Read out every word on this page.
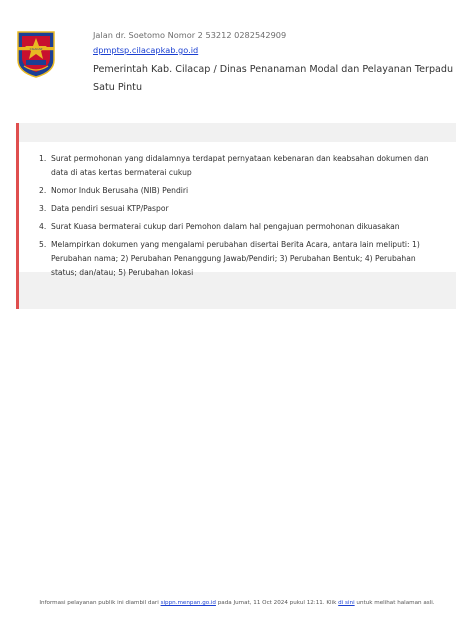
CILACAP
Jalan dr. Soetomo Nomor 2 53212 0282542909
dpmptsp.cilacapkab.go.id
Pemerintah Kab. Cilacap / Dinas Penanaman Modal dan Pelayanan Terpadu Satu Pintu
1. Surat permohonan yang didalamnya terdapat pernyataan kebenaran dan keabsahan dokumen dan data di atas kertas bermaterai cukup
2. Nomor Induk Berusaha (NIB) Pendiri
3. Data pendiri sesuai KTP/Paspor
4. Surat Kuasa bermaterai cukup dari Pemohon dalam hal pengajuan permohonan dikuasakan
5. Melampirkan dokumen yang mengalami perubahan disertai Berita Acara, antara lain meliputi: 1) Perubahan nama; 2) Perubahan Penanggung Jawab/Pendiri; 3) Perubahan Bentuk; 4) Perubahan status; dan/atau; 5) Perubahan lokasi
Informasi pelayanan publik ini diambil dari sippn.menpan.go.id pada Jumat, 11 Oct 2024 pukul 12:11. Klik di sini untuk melihat halaman asli.
